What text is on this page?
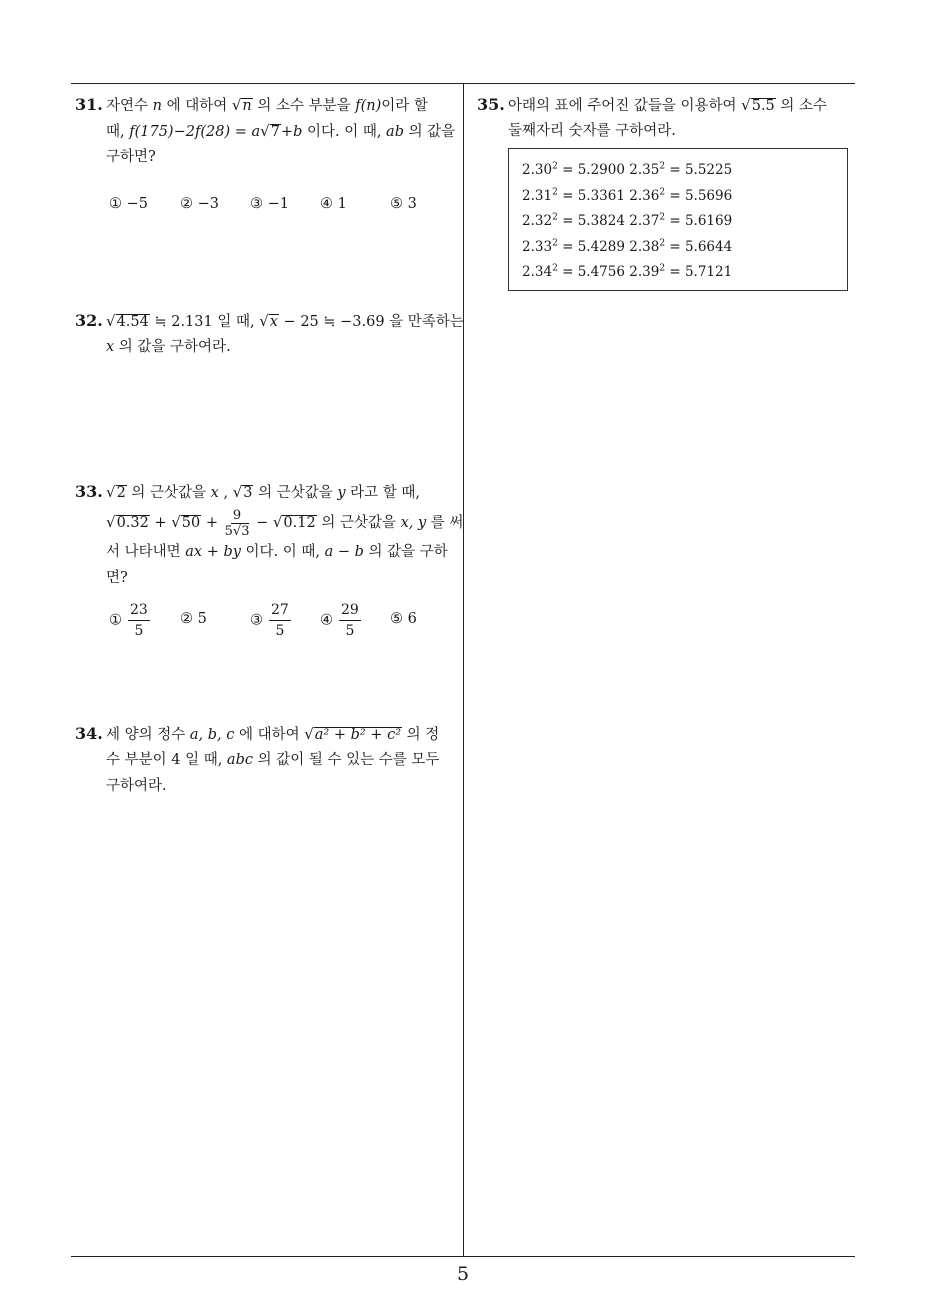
31. 자연수 n 에 대하여 √n 의 소수 부분을 f(n)이라 할
때, f(175)−2f(28) = a√7+b 이다. 이 때, ab 의 값을
구하면?
① −5 ② −3 ③ −1 ④ 1	⑤ 3
32. √4.54 ≒ 2.131 일 때, √x − 25 ≒ −3.69 을 만족하는
x 의 값을 구하여라.
33. √2 의 근삿값을 x , √3 의 근삿값을 y 라고 할 때,
$√0.32 + √50 + \frac{9}{5√3} - √0.12$ 의 근삿값을 x, y 를 써
서 나타내면 ax + by 이다. 이 때, a − b 의 값을 구하
면?
① $\frac{23}{5}$ ② 5	③ $\frac{27}{5}$ ④ $\frac{29}{5}$ ⑤ 6
34. 세 양의 정수 a, b, c 에 대하여 √a² + b² + c² 의 정
수 부분이 4 일 때, abc 의 값이 될 수 있는 수를 모두
구하여라.
35. 아래의 표에 주어진 값들을 이용하여 √5.5 의 소수
둘째자리 숫자를 구하여라.
$2.30^2 = 5.2900$ $2.35^2 = 5.5225$
$2.31^2 = 5.3361$ $2.36^2 = 5.5696$
$2.32^2 = 5.3824$ $2.37^2 = 5.6169$
$2.33^2 = 5.4289$ $2.38^2 = 5.6644$
$2.34^2 = 5.4756$ $2.39^2 = 5.7121$
5
